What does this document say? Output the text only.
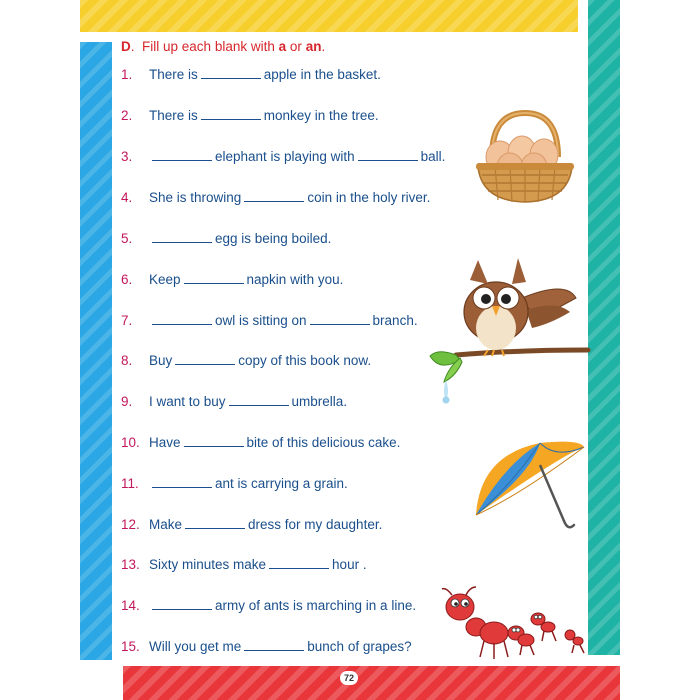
72
D. Fill up each blank with a or an.
1. There is	apple in the basket.
2. There is	monkey in the tree.
3.	elephant is playing with	ball.
4. She is throwing	coin in the holy river.
5.	egg is being boiled.
6. Keep	napkin with you.
7.	owl is sitting on	branch.
8. Buy	copy of this book now.
9. I want to buy	umbrella.
10. Have	bite of this delicious cake.
11.	ant is carrying a grain.
12. Make	dress for my daughter.
13. Sixty minutes make	hour .
14.	army of ants is marching in a line.
15. Will you get me	bunch of grapes?
